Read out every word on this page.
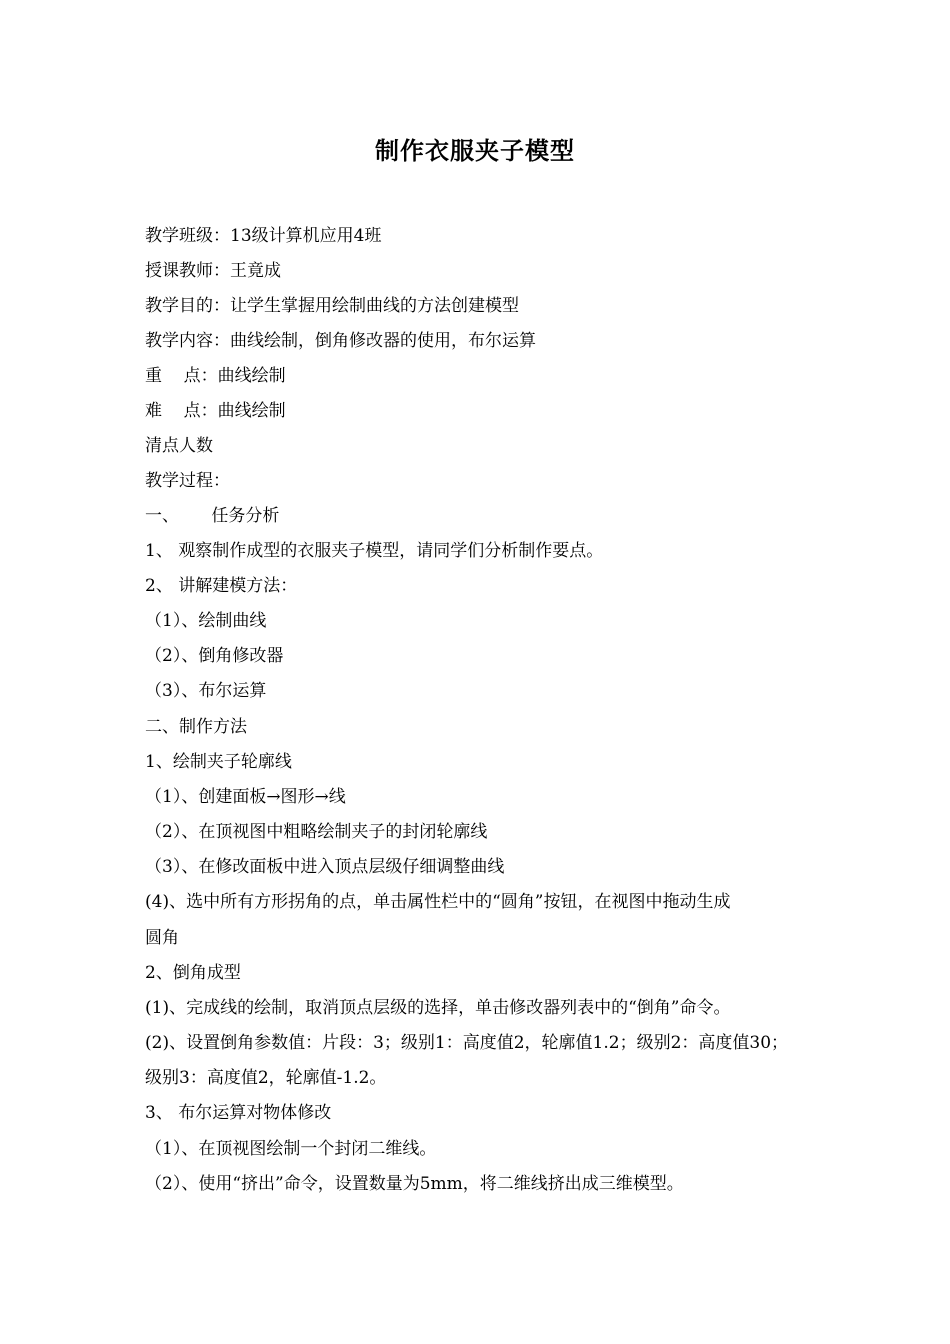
制作衣服夹子模型
教学班级：13级计算机应用4班
授课教师：王竟成
教学目的：让学生掌握用绘制曲线的方法创建模型
教学内容：曲线绘制，倒角修改器的使用，布尔运算
重    点：曲线绘制
难    点：曲线绘制
清点人数
教学过程：
一、      任务分析
1、 观察制作成型的衣服夹子模型，请同学们分析制作要点。
2、 讲解建模方法：
（1）、绘制曲线
（2）、倒角修改器
（3）、布尔运算
二、制作方法
1、绘制夹子轮廓线
（1）、创建面板→图形→线
（2）、在顶视图中粗略绘制夹子的封闭轮廓线
（3）、在修改面板中进入顶点层级仔细调整曲线
(4)、选中所有方形拐角的点，单击属性栏中的“圆角”按钮，在视图中拖动生成
圆角
2、倒角成型
(1)、完成线的绘制，取消顶点层级的选择，单击修改器列表中的“倒角”命令。
(2)、设置倒角参数值：片段：3；级别1：高度值2，轮廓值1.2；级别2：高度值30；
级别3：高度值2，轮廓值-1.2。
3、 布尔运算对物体修改
（1）、在顶视图绘制一个封闭二维线。
（2）、使用“挤出”命令，设置数量为5mm，将二维线挤出成三维模型。
